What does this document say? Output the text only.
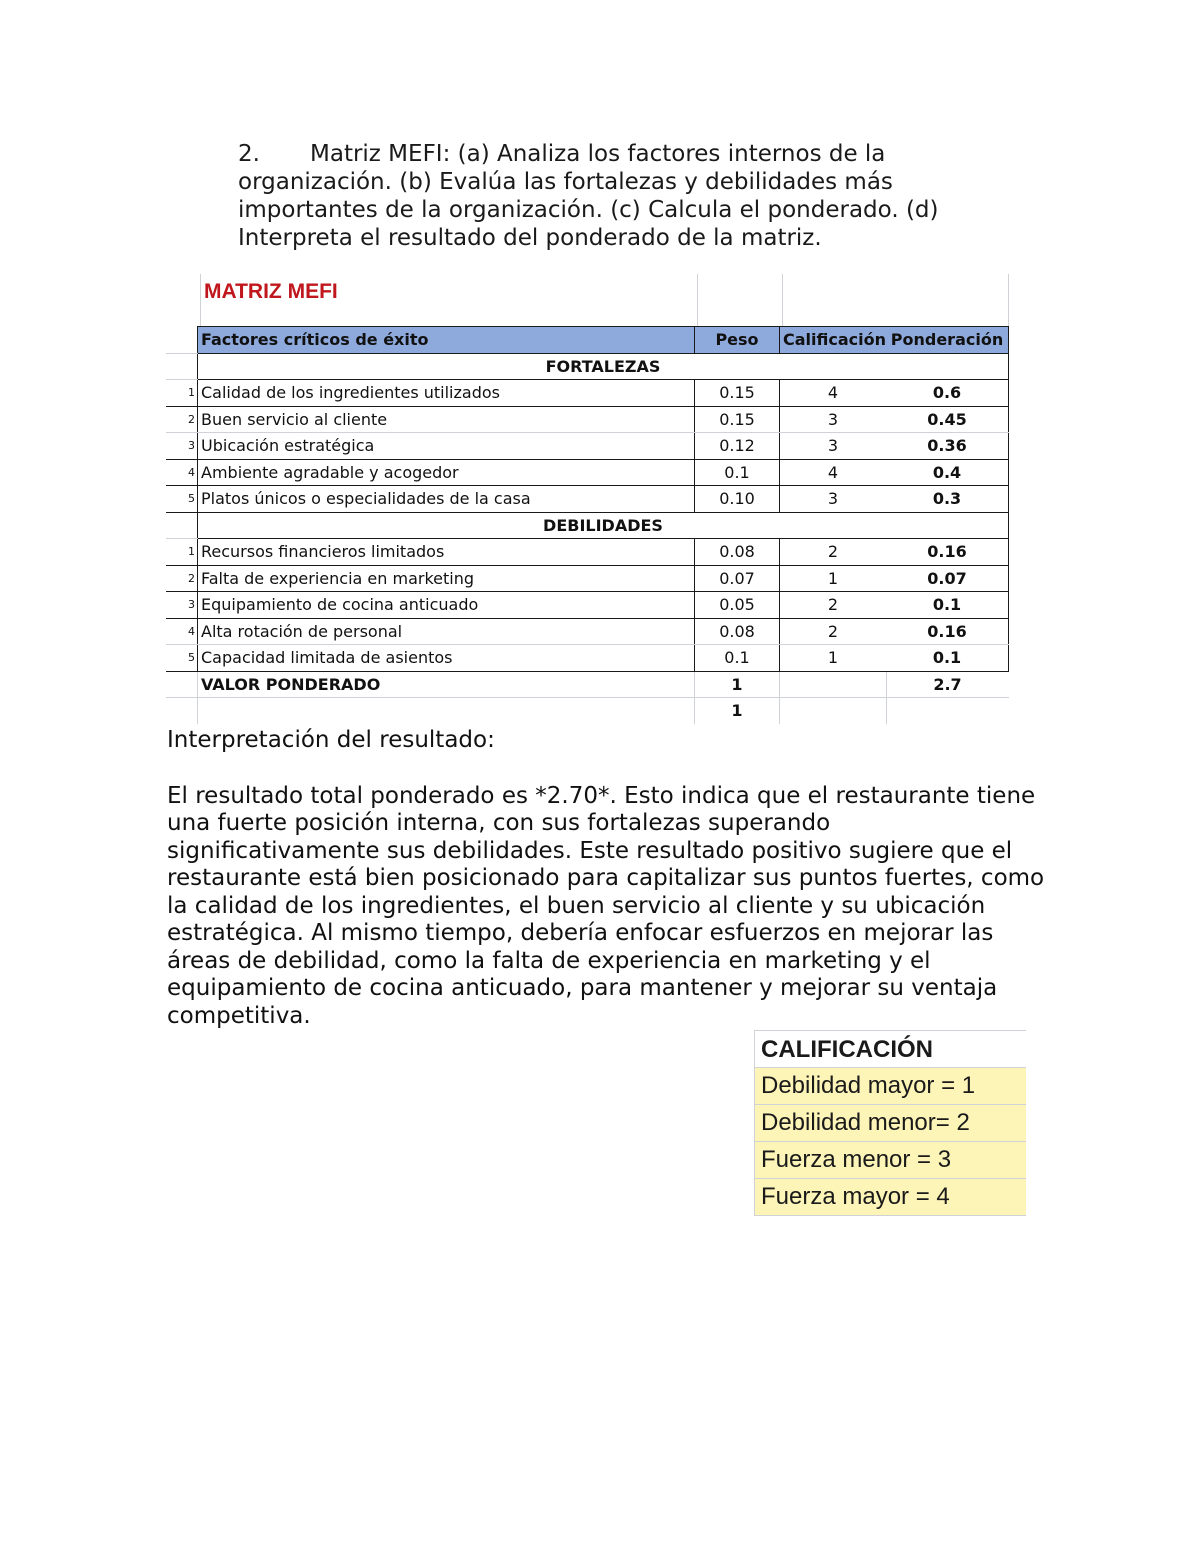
2. Matriz MEFI: (a) Analiza los factores internos de la organización. (b) Evalúa las fortalezas y debilidades más importantes de la organización. (c) Calcula el ponderado. (d) Interpreta el resultado del ponderado de la matriz.
MATRIZ MEFI
	Factores críticos de éxito	Peso	Calificación	Ponderación
	FORTALEZAS			
1	Calidad de los ingredientes utilizados	0.15	4	0.6
2	Buen servicio al cliente	0.15	3	0.45
3	Ubicación estratégica	0.12	3	0.36
4	Ambiente agradable y acogedor	0.1	4	0.4
5	Platos únicos o especialidades de la casa	0.10	3	0.3
	DEBILIDADES			
1	Recursos financieros limitados	0.08	2	0.16
2	Falta de experiencia en marketing	0.07	1	0.07
3	Equipamiento de cocina anticuado	0.05	2	0.1
4	Alta rotación de personal	0.08	2	0.16
5	Capacidad limitada de asientos	0.1	1	0.1
	VALOR PONDERADO	1		2.7
		1		

Interpretación del resultado:

El resultado total ponderado es *2.70*. Esto indica que el restaurante tiene una fuerte posición interna, con sus fortalezas superando significativamente sus debilidades. Este resultado positivo sugiere que el restaurante está bien posicionado para capitalizar sus puntos fuertes, como la calidad de los ingredientes, el buen servicio al cliente y su ubicación estratégica. Al mismo tiempo, debería enfocar esfuerzos en mejorar las áreas de debilidad, como la falta de experiencia en marketing y el equipamiento de cocina anticuado, para mantener y mejorar su ventaja competitiva.

CALIFICACIÓN
Debilidad mayor = 1
Debilidad menor= 2
Fuerza menor = 3
Fuerza mayor = 4
